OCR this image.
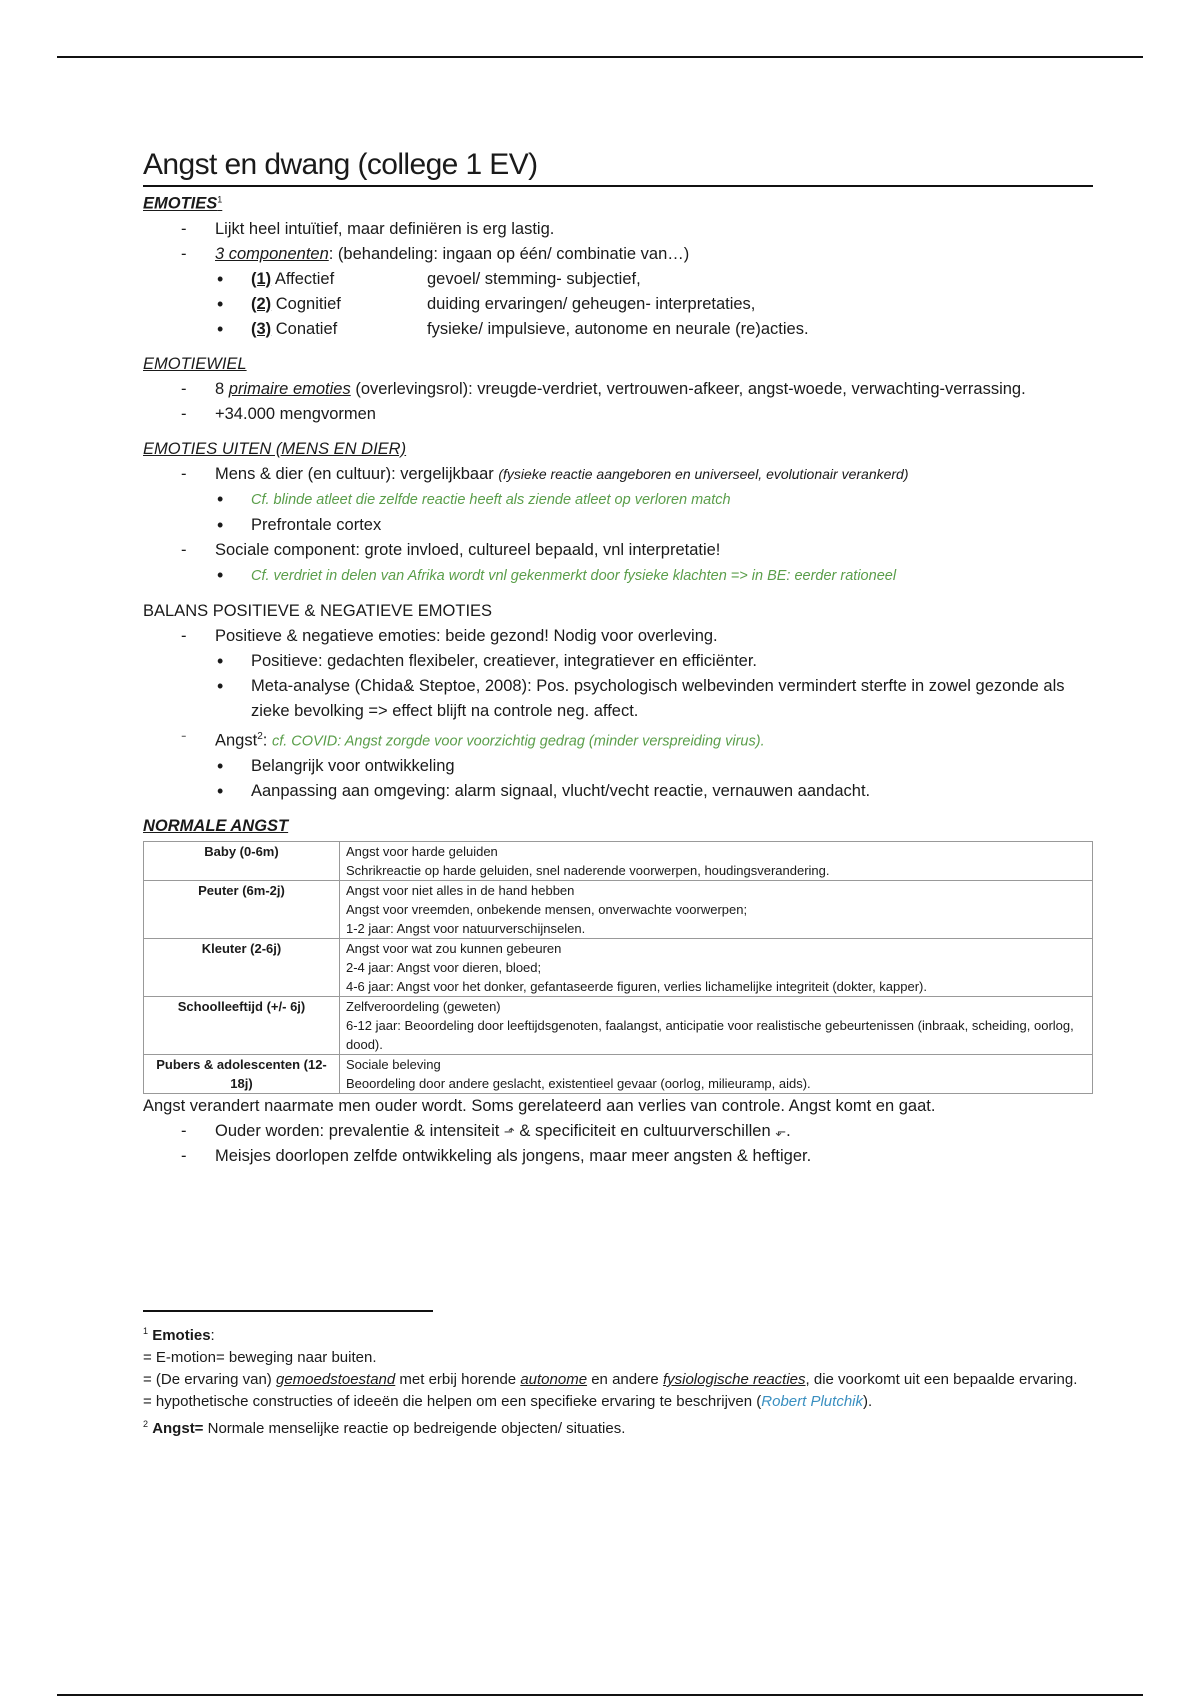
Angst en dwang (college 1 EV)
EMOTIES$^1$
- Lijkt heel intuïtief, maar definiëren is erg lastig.
- 3 componenten: (behandeling: ingaan op één/ combinatie van…)
• (1) Affectief	gevoel/ stemming- subjectief,
• (2) Cognitief	duiding ervaringen/ geheugen- interpretaties,
• (3) Conatief	fysieke/ impulsieve, autonome en neurale (re)acties.
EMOTIEWIEL
- 8 primaire emoties (overlevingsrol): vreugde-verdriet, vertrouwen-afkeer, angst-woede, verwachting-verrassing.
- +34.000 mengvormen
EMOTIES UITEN (MENS EN DIER)
- Mens & dier (en cultuur): vergelijkbaar (fysieke reactie aangeboren en universeel, evolutionair verankerd)
• Cf. blinde atleet die zelfde reactie heeft als ziende atleet op verloren match
• Prefrontale cortex
- Sociale component: grote invloed, cultureel bepaald, vnl interpretatie!
• Cf. verdriet in delen van Afrika wordt vnl gekenmerkt door fysieke klachten => in BE: eerder rationeel
BALANS POSITIEVE & NEGATIEVE EMOTIES
- Positieve & negatieve emoties: beide gezond! Nodig voor overleving.
• Positieve: gedachten flexibeler, creatiever, integratiever en efficiënter.
• Meta-analyse (Chida& Steptoe, 2008): Pos. psychologisch welbevinden vermindert sterfte in zowel gezonde als zieke bevolking => effect blijft na controle neg. affect.
- Angst$^2$: cf. COVID: Angst zorgde voor voorzichtig gedrag (minder verspreiding virus).
• Belangrijk voor ontwikkeling
• Aanpassing aan omgeving: alarm signaal, vlucht/vecht reactie, vernauwen aandacht.
NORMALE ANGST
Baby (0-6m)	Angst voor harde geluiden
Schrikreactie op harde geluiden, snel naderende voorwerpen, houdingsverandering.

Peuter (6m-2j)	Angst voor niet alles in de hand hebben
Angst voor vreemden, onbekende mensen, onverwachte voorwerpen;
1-2 jaar: Angst voor natuurverschijnselen.

Kleuter (2-6j)	Angst voor wat zou kunnen gebeuren
2-4 jaar: Angst voor dieren, bloed;
4-6 jaar: Angst voor het donker, gefantaseerde figuren, verlies lichamelijke integriteit (dokter, kapper).

Schoolleeftijd (+/- 6j)	Zelfveroordeling (geweten)
6-12 jaar: Beoordeling door leeftijdsgenoten, faalangst, anticipatie voor realistische gebeurtenissen (inbraak, scheiding, oorlog, dood).

Pubers & adolescenten (12-18j)	Sociale beleving
Beoordeling door andere geslacht, existentieel gevaar (oorlog, milieuramp, aids).
Angst verandert naarmate men ouder wordt. Soms gerelateerd aan verlies van controle. Angst komt en gaat.
- Ouder worden: prevalentie & intensiteit ⬏ & specificiteit en cultuurverschillen ⬐.
- Meisjes doorlopen zelfde ontwikkeling als jongens, maar meer angsten & heftiger.
$^1$ Emoties:
= E-motion= beweging naar buiten.
= (De ervaring van) gemoedstoestand met erbij horende autonome en andere fysiologische reacties, die voorkomt uit een bepaalde ervaring.
= hypothetische constructies of ideeën die helpen om een specifieke ervaring te beschrijven (Robert Plutchik).
$^2$ Angst= Normale menselijke reactie op bedreigende objecten/ situaties.
